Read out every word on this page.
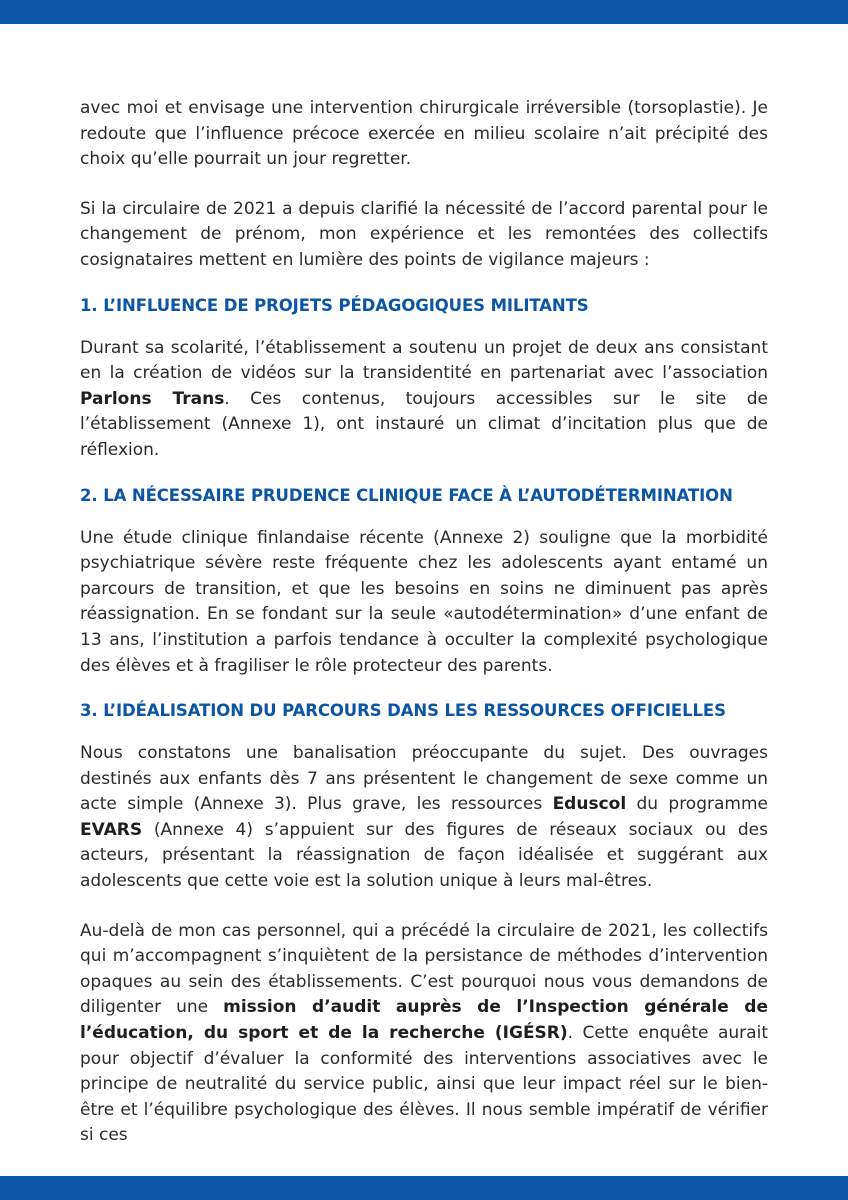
avec moi et envisage une intervention chirurgicale irréversible (torsoplastie). Je redoute que l’influence précoce exercée en milieu scolaire n’ait précipité des choix qu’elle pourrait un jour regretter.

Si la circulaire de 2021 a depuis clarifié la nécessité de l’accord parental pour le changement de prénom, mon expérience et les remontées des collectifs cosignataires mettent en lumière des points de vigilance majeurs :

1. L’INFLUENCE DE PROJETS PÉDAGOGIQUES MILITANTS

Durant sa scolarité, l’établissement a soutenu un projet de deux ans consistant en la création de vidéos sur la transidentité en partenariat avec l’association Parlons Trans. Ces contenus, toujours accessibles sur le site de l’établissement (Annexe 1), ont instauré un climat d’incitation plus que de réflexion.

2. LA NÉCESSAIRE PRUDENCE CLINIQUE FACE À L’AUTODÉTERMINATION

Une étude clinique finlandaise récente (Annexe 2) souligne que la morbidité psychiatrique sévère reste fréquente chez les adolescents ayant entamé un parcours de transition, et que les besoins en soins ne diminuent pas après réassignation. En se fondant sur la seule «autodétermination» d’une enfant de 13 ans, l’institution a parfois tendance à occulter la complexité psychologique des élèves et à fragiliser le rôle protecteur des parents.

3. L’IDÉALISATION DU PARCOURS DANS LES RESSOURCES OFFICIELLES

Nous constatons une banalisation préoccupante du sujet. Des ouvrages destinés aux enfants dès 7 ans présentent le changement de sexe comme un acte simple (Annexe 3). Plus grave, les ressources Eduscol du programme EVARS (Annexe 4) s’appuient sur des figures de réseaux sociaux ou des acteurs, présentant la réassignation de façon idéalisée et suggérant aux adolescents que cette voie est la solution unique à leurs mal-êtres.

Au-delà de mon cas personnel, qui a précédé la circulaire de 2021, les collectifs qui m’accompagnent s’inquiètent de la persistance de méthodes d’intervention opaques au sein des établissements. C’est pourquoi nous vous demandons de diligenter une mission d’audit auprès de l’Inspection générale de l’éducation, du sport et de la recherche (IGÉSR). Cette enquête aurait pour objectif d’évaluer la conformité des interventions associatives avec le principe de neutralité du service public, ainsi que leur impact réel sur le bien-être et l’équilibre psychologique des élèves. Il nous semble impératif de vérifier si ces
